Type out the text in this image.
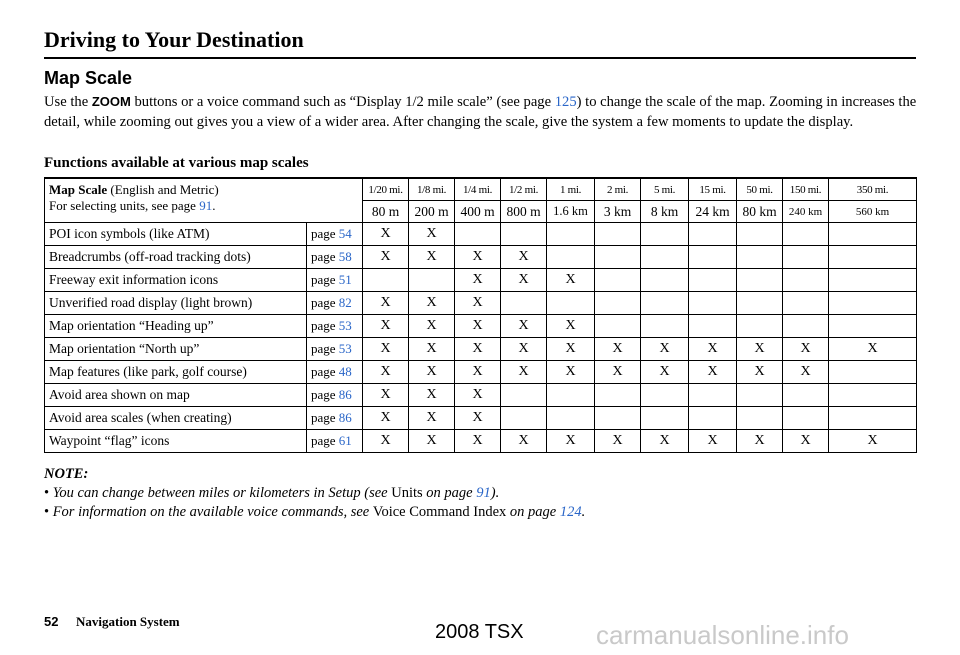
Driving to Your Destination
Map Scale
Use the ZOOM buttons or a voice command such as “Display 1/2 mile scale” (see page 125) to change the scale of the map. Zooming in increases the detail, while zooming out gives you a view of a wider area. After changing the scale, give the system a few moments to update the display.
Functions available at various map scales
Map Scale (English and Metric)
For selecting units, see page 91.		1/20 mi.	1/8 mi.	1/4 mi.	1/2 mi.	1 mi.	2 mi.	5 mi.	15 mi.	50 mi.	150 mi.	350 mi.
		80 m	200 m	400 m	800 m	1.6 km	3 km	8 km	24 km	80 km	240 km	560 km
POI icon symbols (like ATM)	page 54	X	X									
Breadcrumbs (off-road tracking dots)	page 58	X	X	X	X							
Freeway exit information icons	page 51			X	X	X						
Unverified road display (light brown)	page 82	X	X	X								
Map orientation “Heading up”	page 53	X	X	X	X	X						
Map orientation “North up”	page 53	X	X	X	X	X	X	X	X	X	X	X
Map features (like park, golf course)	page 48	X	X	X	X	X	X	X	X	X	X	
Avoid area shown on map	page 86	X	X	X								
Avoid area scales (when creating)	page 86	X	X	X								
Waypoint “flag” icons	page 61	X	X	X	X	X	X	X	X	X	X	X
NOTE:
• You can change between miles or kilometers in Setup (see Units on page 91).
• For information on the available voice commands, see Voice Command Index on page 124.
52 Navigation System	2008 TSX	carmanualsonline.info
